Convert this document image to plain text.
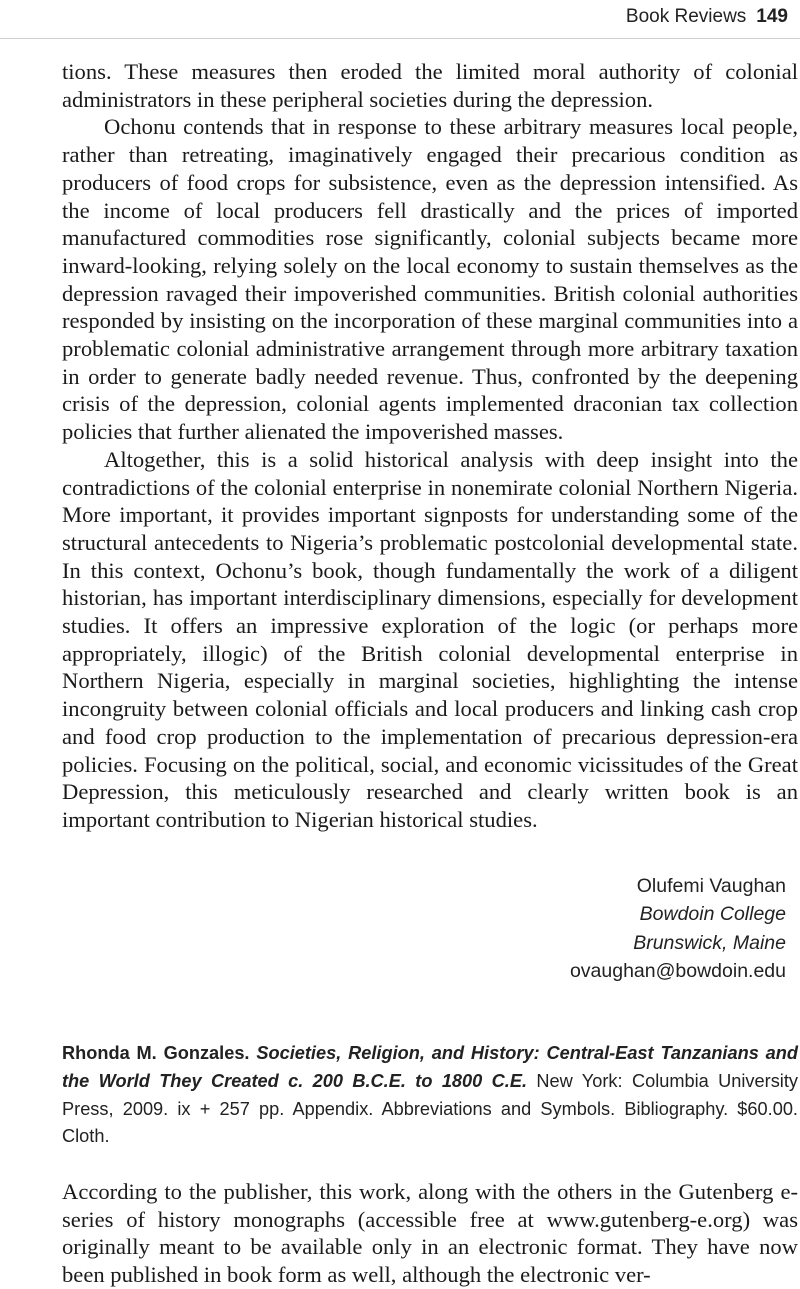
Book Reviews 149

tions. These measures then eroded the limited moral authority of colonial administrators in these peripheral societies during the depression.

Ochonu contends that in response to these arbitrary measures local people, rather than retreating, imaginatively engaged their precarious condition as producers of food crops for subsistence, even as the depression intensified. As the income of local producers fell drastically and the prices of imported manufactured commodities rose significantly, colonial subjects became more inward-looking, relying solely on the local economy to sustain themselves as the depression ravaged their impoverished communities. British colonial authorities responded by insisting on the incorporation of these marginal communities into a problematic colonial administrative arrangement through more arbitrary taxation in order to generate badly needed revenue. Thus, confronted by the deepening crisis of the depression, colonial agents implemented draconian tax collection policies that further alienated the impoverished masses.

Altogether, this is a solid historical analysis with deep insight into the contradictions of the colonial enterprise in nonemirate colonial Northern Nigeria. More important, it provides important signposts for understanding some of the structural antecedents to Nigeria’s problematic postcolonial developmental state. In this context, Ochonu’s book, though fundamentally the work of a diligent historian, has important interdisciplinary dimensions, especially for development studies. It offers an impressive exploration of the logic (or perhaps more appropriately, illogic) of the British colonial developmental enterprise in Northern Nigeria, especially in marginal societies, highlighting the intense incongruity between colonial officials and local producers and linking cash crop and food crop production to the implementation of precarious depression-era policies. Focusing on the political, social, and economic vicissitudes of the Great Depression, this meticulously researched and clearly written book is an important contribution to Nigerian historical studies.

Olufemi Vaughan
Bowdoin College
Brunswick, Maine
ovaughan@bowdoin.edu
Rhonda M. Gonzales. Societies, Religion, and History: Central-East Tanzanians and the World They Created c. 200 B.C.E. to 1800 C.E. New York: Columbia University Press, 2009. ix + 257 pp. Appendix. Abbreviations and Symbols. Bibliography. $60.00. Cloth.

According to the publisher, this work, along with the others in the Gutenberg e-series of history monographs (accessible free at www.gutenberg-e.org) was originally meant to be available only in an electronic format. They have now been published in book form as well, although the electronic ver-
